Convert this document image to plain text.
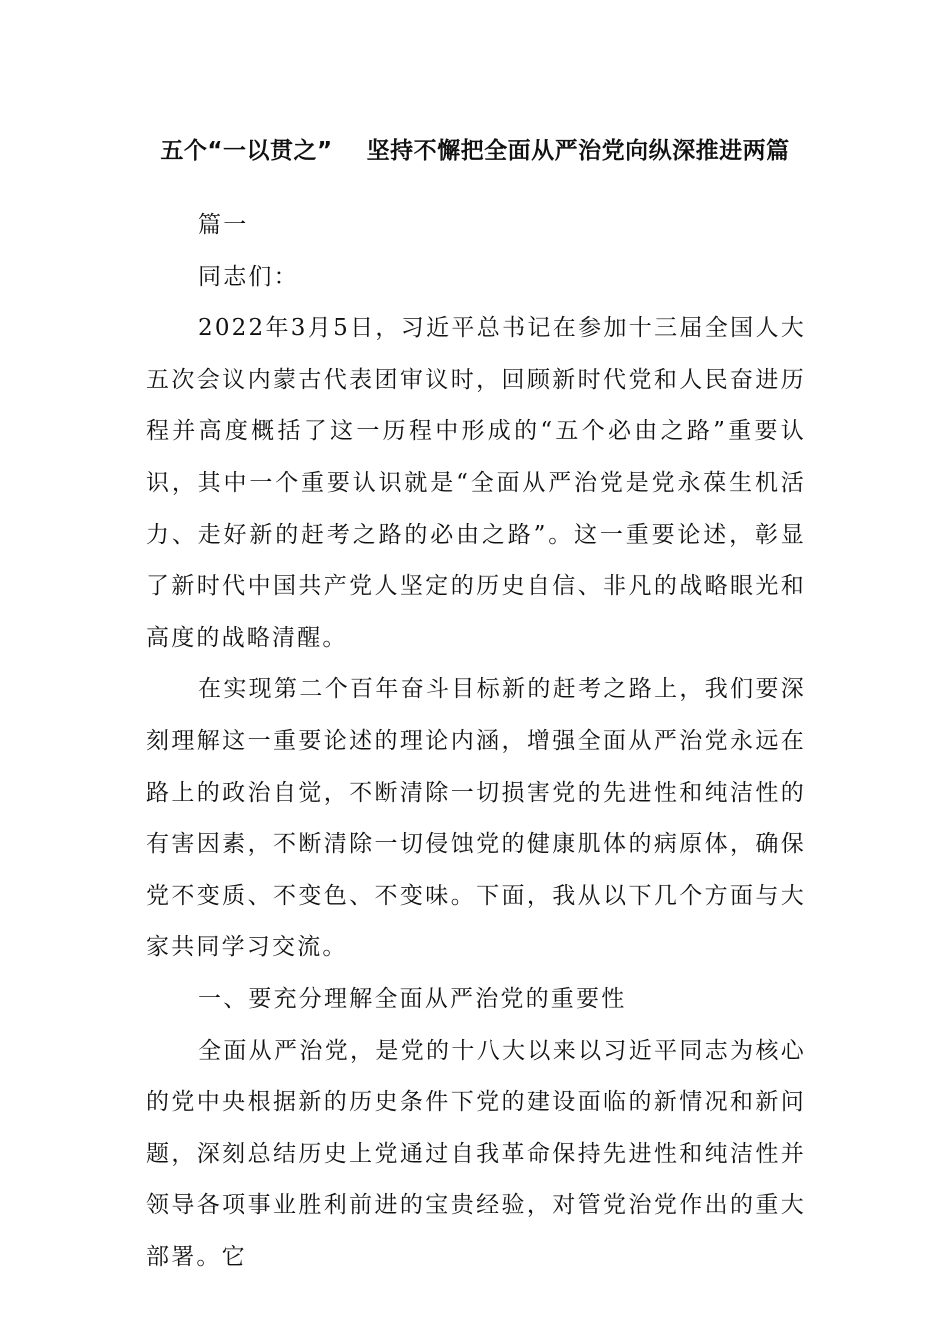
五个“一以贯之”    坚持不懈把全面从严治党向纵深推进两篇

篇一

同志们：

2022年3月5日，习近平总书记在参加十三届全国人大五次会议内蒙古代表团审议时，回顾新时代党和人民奋进历程并高度概括了这一历程中形成的“五个必由之路”重要认识，其中一个重要认识就是“全面从严治党是党永葆生机活力、走好新的赶考之路的必由之路”。这一重要论述，彰显了新时代中国共产党人坚定的历史自信、非凡的战略眼光和高度的战略清醒。

在实现第二个百年奋斗目标新的赶考之路上，我们要深刻理解这一重要论述的理论内涵，增强全面从严治党永远在路上的政治自觉，不断清除一切损害党的先进性和纯洁性的有害因素，不断清除一切侵蚀党的健康肌体的病原体，确保党不变质、不变色、不变味。下面，我从以下几个方面与大家共同学习交流。

一、要充分理解全面从严治党的重要性

全面从严治党，是党的十八大以来以习近平同志为核心的党中央根据新的历史条件下党的建设面临的新情况和新问题，深刻总结历史上党通过自我革命保持先进性和纯洁性并领导各项事业胜利前进的宝贵经验，对管党治党作出的重大部署。它
